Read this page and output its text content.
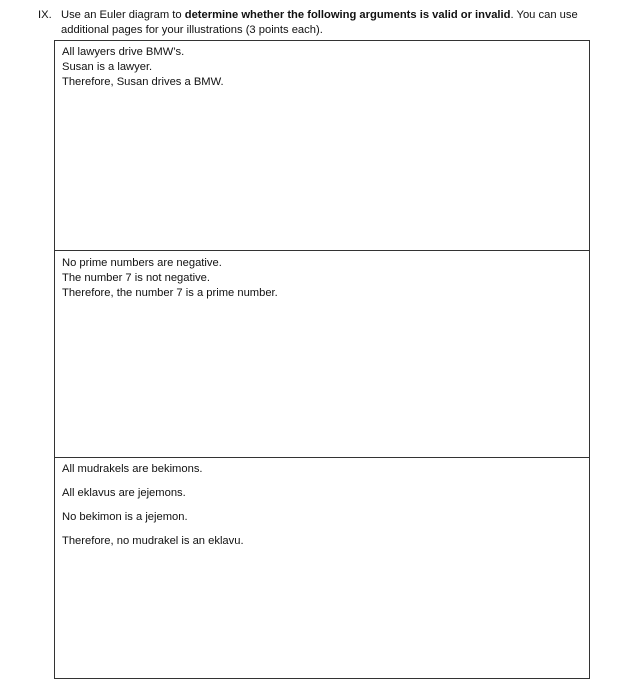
IX. Use an Euler diagram to determine whether the following arguments is valid or invalid. You can use additional pages for your illustrations (3 points each).
All lawyers drive BMW’s.
Susan is a lawyer.
Therefore, Susan drives a BMW.
No prime numbers are negative.
The number 7 is not negative.
Therefore, the number 7 is a prime number.
All mudrakels are bekimons.
All eklavus are jejemons.
No bekimon is a jejemon.
Therefore, no mudrakel is an eklavu.
